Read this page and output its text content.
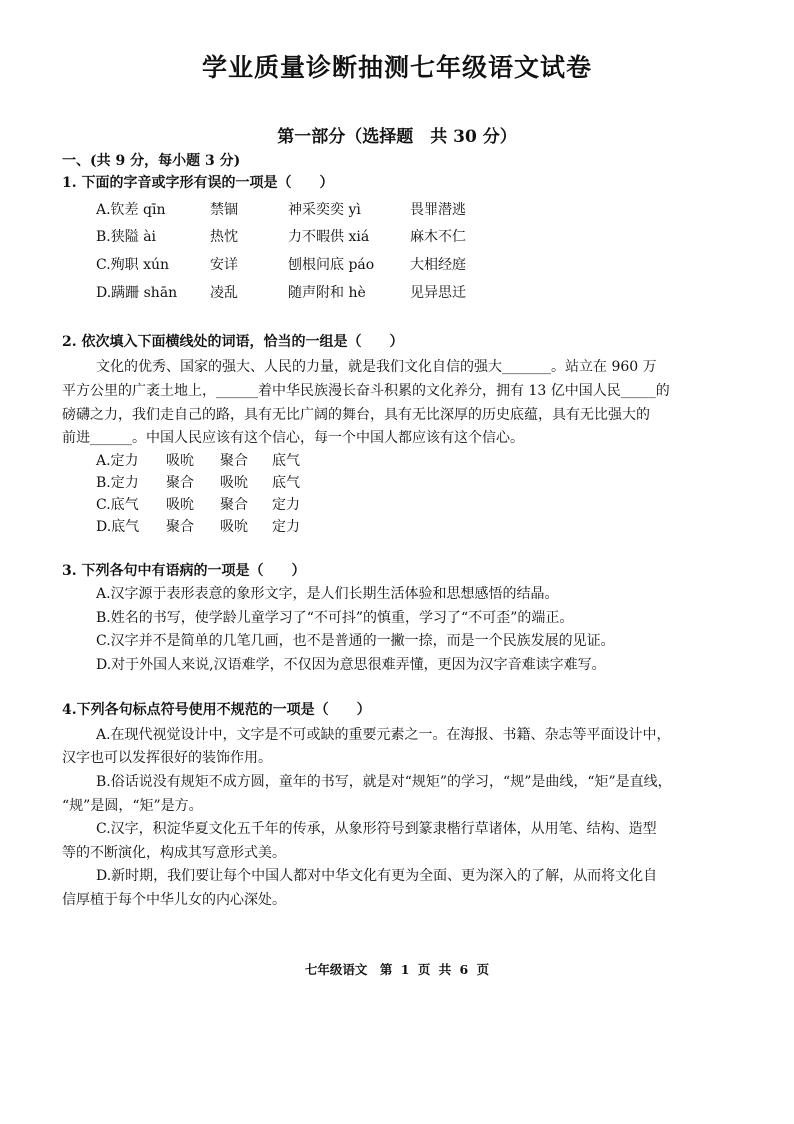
学业质量诊断抽测七年级语文试卷
第一部分（选择题　共 30 分）
一、(共 9 分，每小题 3 分)
1. 下面的字音或字形有误的一项是（　　）
A.钦差 qīn	禁锢	神采奕奕 yì	畏罪潜逃
B.狭隘 ài	热忱	力不暇供 xiá	麻木不仁
C.殉职 xún	安详	刨根问底 páo	大相经庭
D.蹒跚 shān 凌乱	随声附和 hè	见异思迁
2. 依次填入下面横线处的词语，恰当的一组是（　　）
文化的优秀、国家的强大、人民的力量，就是我们文化自信的强大_______。站立在 960 万
平方公里的广袤土地上，______着中华民族漫长奋斗积累的文化养分，拥有 13 亿中国人民_____的
磅礴之力，我们走自己的路，具有无比广阔的舞台，具有无比深厚的历史底蕴，具有无比强大的
前进______。中国人民应该有这个信心，每一个中国人都应该有这个信心。
A.定力 吸吮 聚合 底气
B.定力 聚合 吸吮 底气
C.底气 吸吮 聚合 定力
D.底气 聚合 吸吮 定力
3. 下列各句中有语病的一项是（　　）
A.汉字源于表形表意的象形文字，是人们长期生活体验和思想感悟的结晶。
B.姓名的书写，使学龄儿童学习了“不可抖”的慎重，学习了“不可歪”的端正。
C.汉字并不是简单的几笔几画，也不是普通的一撇一捺，而是一个民族发展的见证。
D.对于外国人来说,汉语难学，不仅因为意思很难弄懂，更因为汉字音难读字难写。
4.下列各句标点符号使用不规范的一项是（　　）
A.在现代视觉设计中，文字是不可或缺的重要元素之一。在海报、书籍、杂志等平面设计中，
汉字也可以发挥很好的装饰作用。
B.俗话说没有规矩不成方圆，童年的书写，就是对“规矩”的学习，“规”是曲线，“矩”是直线，
“规”是圆，“矩”是方。
C.汉字，积淀华夏文化五千年的传承，从象形符号到篆隶楷行草诸体，从用笔、结构、造型
等的不断演化，构成其写意形式美。
D.新时期，我们要让每个中国人都对中华文化有更为全面、更为深入的了解，从而将文化自
信厚植于每个中华儿女的内心深处。
七年级语文　第 1 页 共 6 页
